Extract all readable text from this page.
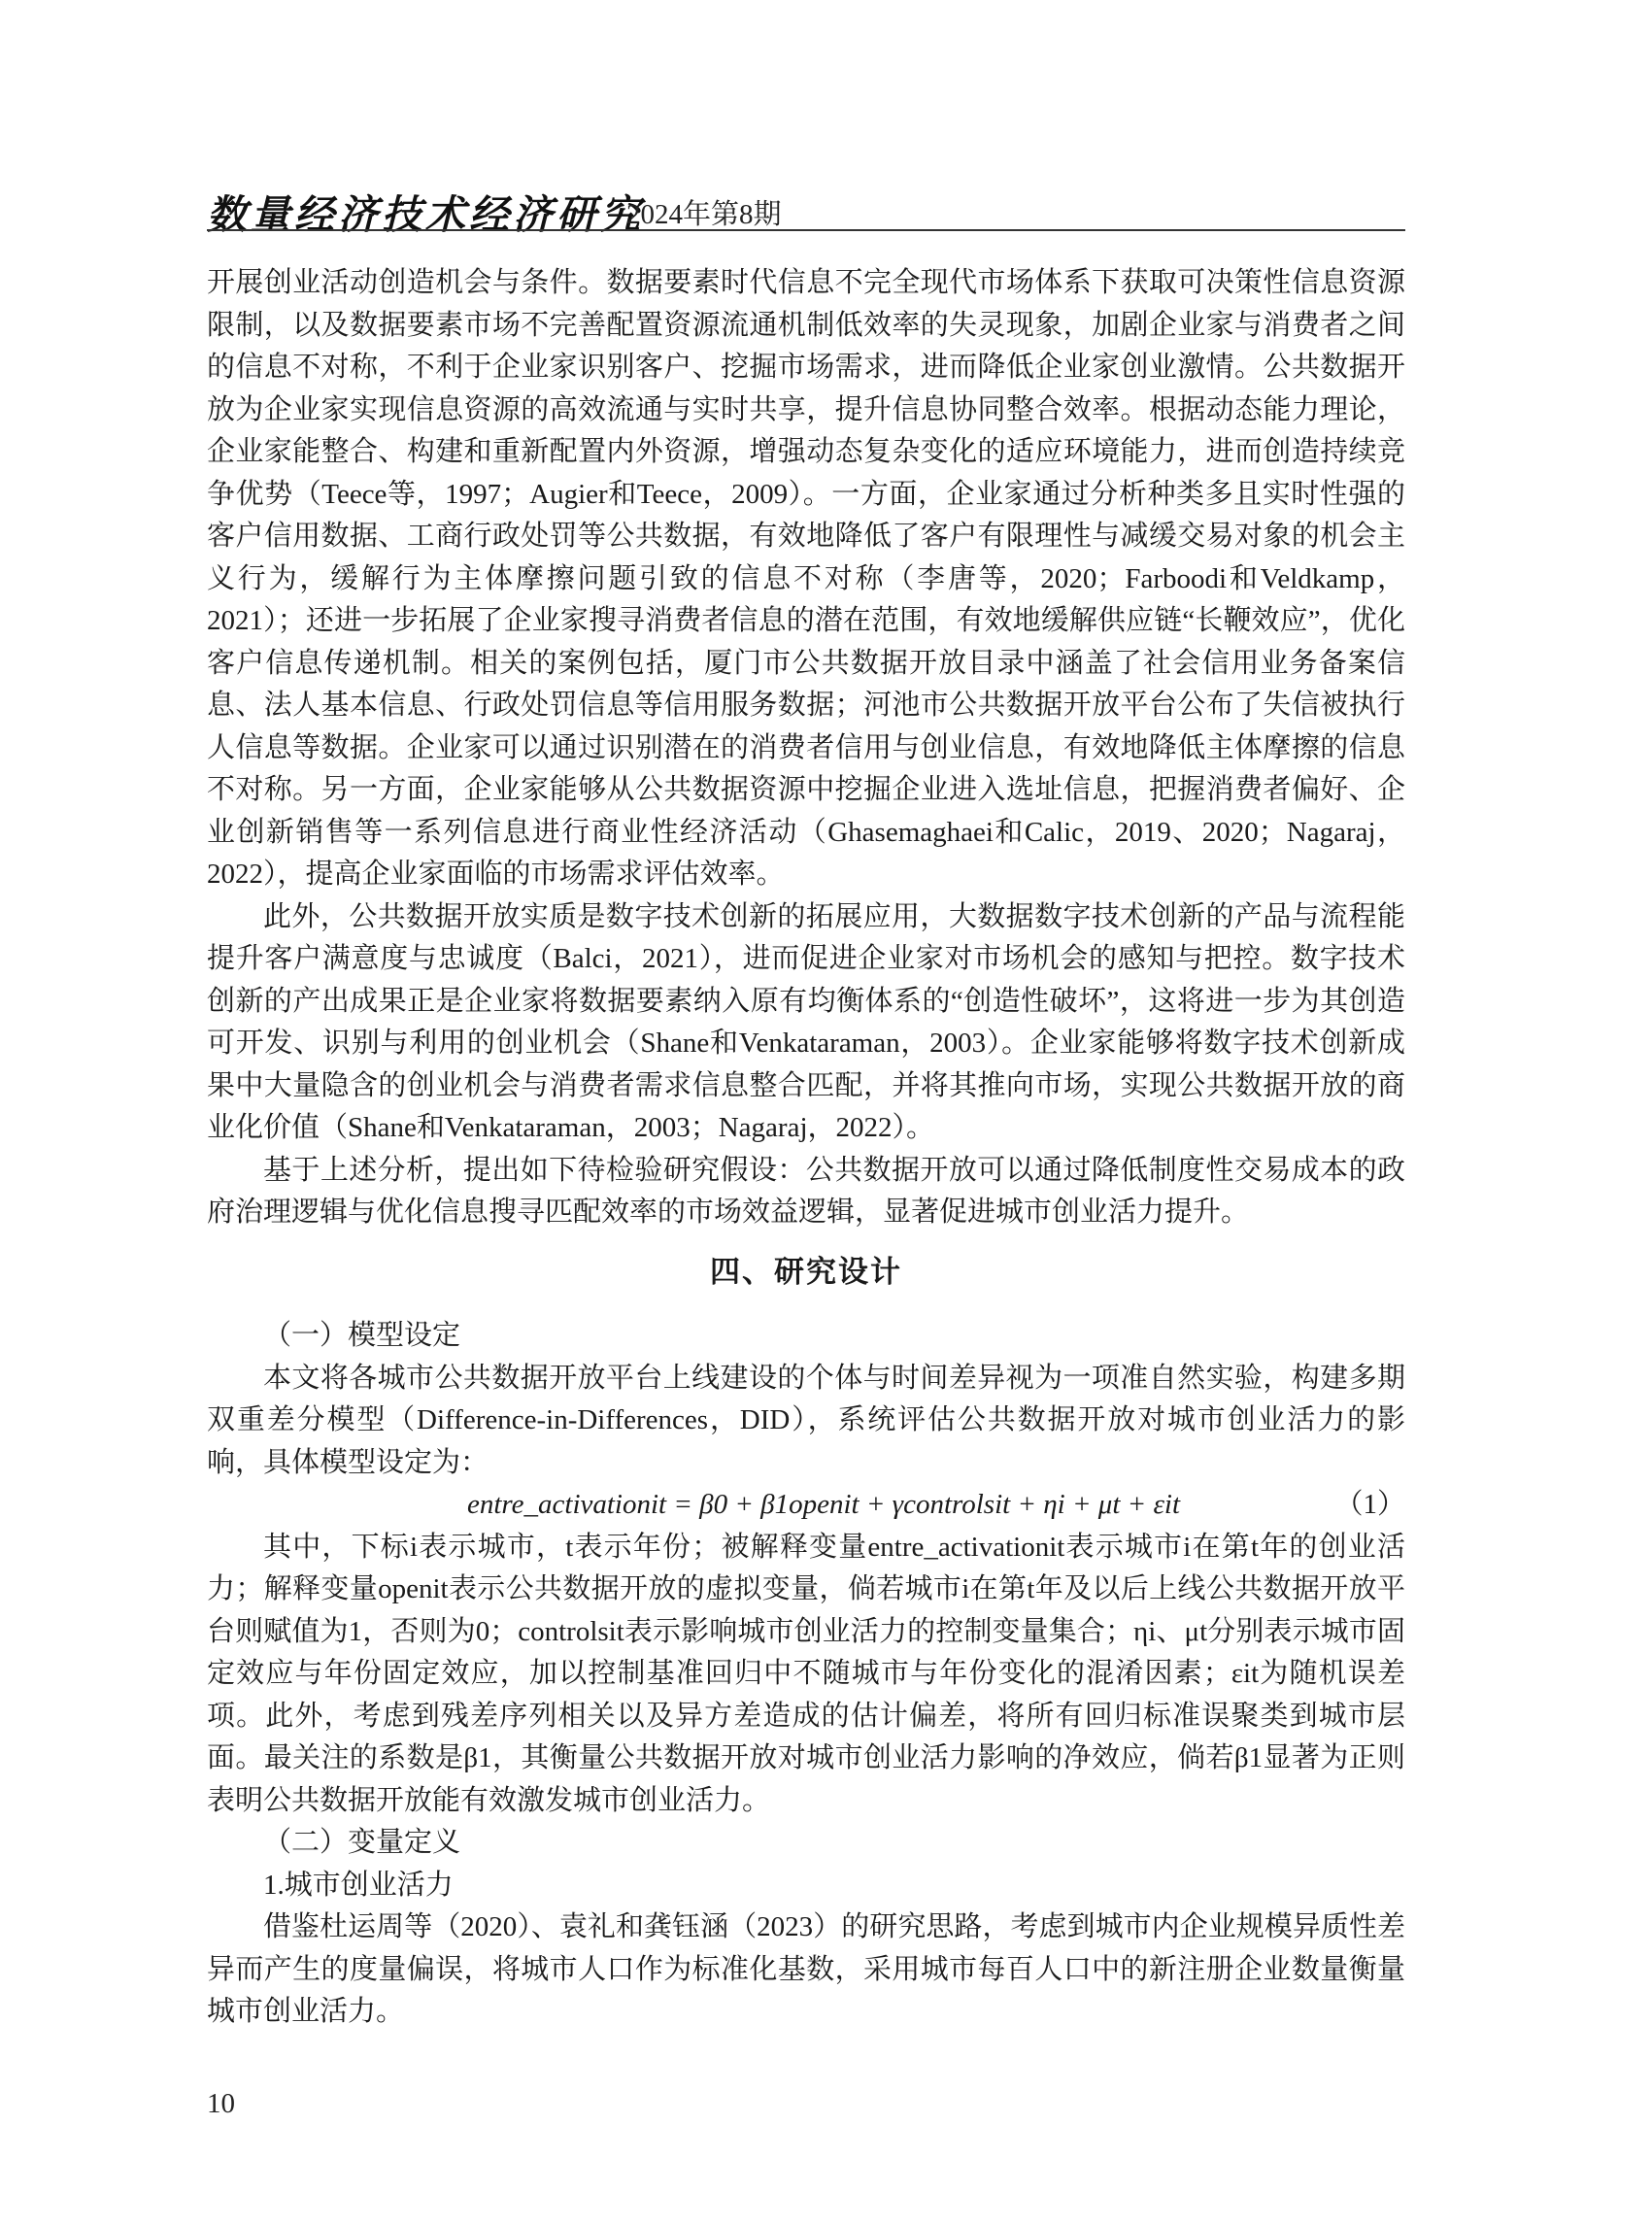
数量经济技术经济研究
2024年第8期

开展创业活动创造机会与条件。数据要素时代信息不完全现代市场体系下获取可决策性信息资源限制，以及数据要素市场不完善配置资源流通机制低效率的失灵现象，加剧企业家与消费者之间的信息不对称，不利于企业家识别客户、挖掘市场需求，进而降低企业家创业激情。公共数据开放为企业家实现信息资源的高效流通与实时共享，提升信息协同整合效率。根据动态能力理论，企业家能整合、构建和重新配置内外资源，增强动态复杂变化的适应环境能力，进而创造持续竞争优势（Teece等，1997；Augier和Teece，2009）。一方面，企业家通过分析种类多且实时性强的客户信用数据、工商行政处罚等公共数据，有效地降低了客户有限理性与减缓交易对象的机会主义行为，缓解行为主体摩擦问题引致的信息不对称（李唐等，2020；Farboodi和Veldkamp，2021）；还进一步拓展了企业家搜寻消费者信息的潜在范围，有效地缓解供应链“长鞭效应”，优化客户信息传递机制。相关的案例包括，厦门市公共数据开放目录中涵盖了社会信用业务备案信息、法人基本信息、行政处罚信息等信用服务数据；河池市公共数据开放平台公布了失信被执行人信息等数据。企业家可以通过识别潜在的消费者信用与创业信息，有效地降低主体摩擦的信息不对称。另一方面，企业家能够从公共数据资源中挖掘企业进入选址信息，把握消费者偏好、企业创新销售等一系列信息进行商业性经济活动（Ghasemaghaei和Calic，2019、2020；Nagaraj，2022），提高企业家面临的市场需求评估效率。

此外，公共数据开放实质是数字技术创新的拓展应用，大数据数字技术创新的产品与流程能提升客户满意度与忠诚度（Balci，2021），进而促进企业家对市场机会的感知与把控。数字技术创新的产出成果正是企业家将数据要素纳入原有均衡体系的“创造性破坏”，这将进一步为其创造可开发、识别与利用的创业机会（Shane和Venkataraman，2003）。企业家能够将数字技术创新成果中大量隐含的创业机会与消费者需求信息整合匹配，并将其推向市场，实现公共数据开放的商业化价值（Shane和Venkataraman，2003；Nagaraj，2022）。

基于上述分析，提出如下待检验研究假设：公共数据开放可以通过降低制度性交易成本的政府治理逻辑与优化信息搜寻匹配效率的市场效益逻辑，显著促进城市创业活力提升。

四、研究设计

（一）模型设定

本文将各城市公共数据开放平台上线建设的个体与时间差异视为一项准自然实验，构建多期双重差分模型（Difference-in-Differences，DID），系统评估公共数据开放对城市创业活力的影响，具体模型设定为：

entre_activationit = β0 + β1openit + γcontrolsit + ηi + μt + εit	（1）

其中，下标i表示城市，t表示年份；被解释变量entre_activationit表示城市i在第t年的创业活力；解释变量openit表示公共数据开放的虚拟变量，倘若城市i在第t年及以后上线公共数据开放平台则赋值为1，否则为0；controlsit表示影响城市创业活力的控制变量集合；ηi、μt分别表示城市固定效应与年份固定效应，加以控制基准回归中不随城市与年份变化的混淆因素；εit为随机误差项。此外，考虑到残差序列相关以及异方差造成的估计偏差，将所有回归标准误聚类到城市层面。最关注的系数是β1，其衡量公共数据开放对城市创业活力影响的净效应，倘若β1显著为正则表明公共数据开放能有效激发城市创业活力。

（二）变量定义

1.城市创业活力

借鉴杜运周等（2020）、袁礼和龚钰涵（2023）的研究思路，考虑到城市内企业规模异质性差异而产生的度量偏误，将城市人口作为标准化基数，采用城市每百人口中的新注册企业数量衡量城市创业活力。

10
